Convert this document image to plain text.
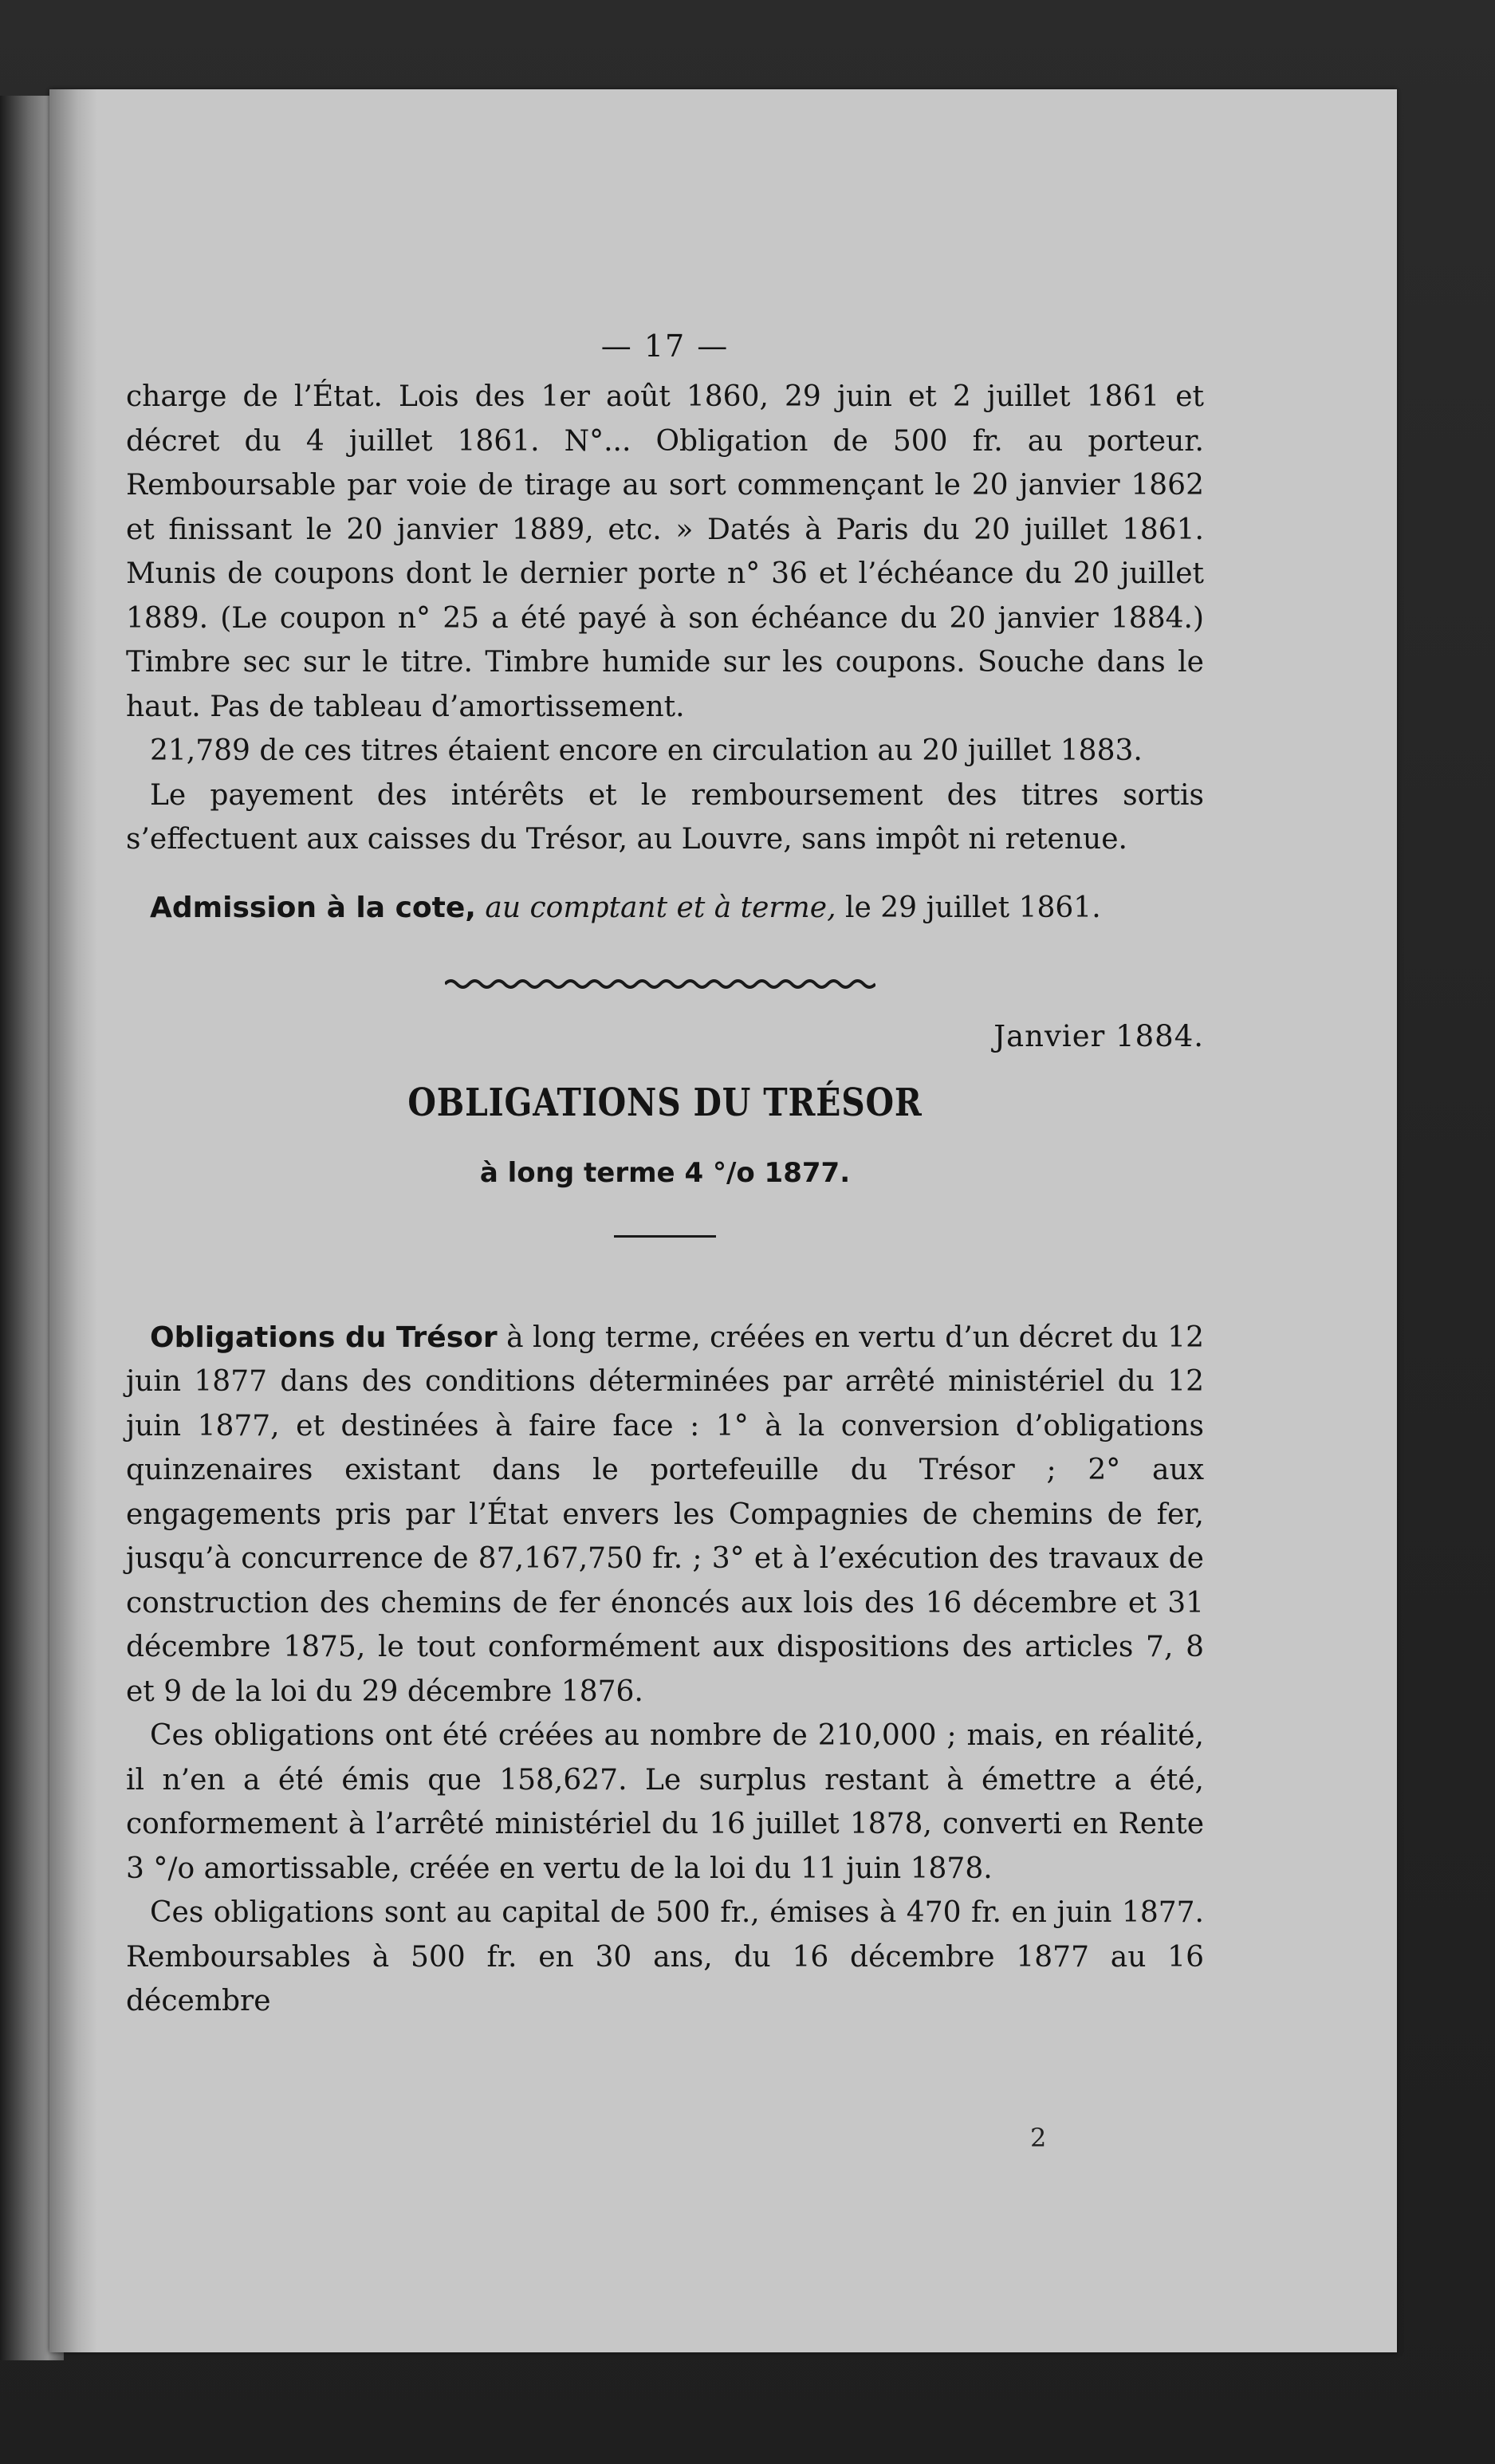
— 17 —

charge de l’État. Lois des 1er août 1860, 29 juin et 2 juillet 1861 et décret du 4 juillet 1861. N°... Obligation de 500 fr. au porteur. Remboursable par voie de tirage au sort commençant le 20 janvier 1862 et finissant le 20 janvier 1889, etc. » Datés à Paris du 20 juillet 1861. Munis de coupons dont le dernier porte n° 36 et l’échéance du 20 juillet 1889. (Le coupon n° 25 a été payé à son échéance du 20 janvier 1884.) Timbre sec sur le titre. Timbre humide sur les coupons. Souche dans le haut. Pas de tableau d’amortissement.

21,789 de ces titres étaient encore en circulation au 20 juillet 1883.

Le payement des intérêts et le remboursement des titres sortis s’effectuent aux caisses du Trésor, au Louvre, sans impôt ni retenue.

Admission à la cote, au comptant et à terme, le 29 juillet 1861.
Janvier 1884.
OBLIGATIONS DU TRÉSOR
à long terme 4 °/o 1877.

Obligations du Trésor à long terme, créées en vertu d’un décret du 12 juin 1877 dans des conditions déterminées par arrêté ministériel du 12 juin 1877, et destinées à faire face : 1° à la conversion d’obligations quinzenaires existant dans le portefeuille du Trésor ; 2° aux engagements pris par l’État envers les Compagnies de chemins de fer, jusqu’à concurrence de 87,167,750 fr. ; 3° et à l’exécution des travaux de construction des chemins de fer énoncés aux lois des 16 décembre et 31 décembre 1875, le tout conformément aux dispositions des articles 7, 8 et 9 de la loi du 29 décembre 1876.

Ces obligations ont été créées au nombre de 210,000 ; mais, en réalité, il n’en a été émis que 158,627. Le surplus restant à émettre a été, conformement à l’arrêté ministériel du 16 juillet 1878, converti en Rente 3 °/o amortissable, créée en vertu de la loi du 11 juin 1878.

Ces obligations sont au capital de 500 fr., émises à 470 fr. en juin 1877. Remboursables à 500 fr. en 30 ans, du 16 décembre 1877 au 16 décembre

2
